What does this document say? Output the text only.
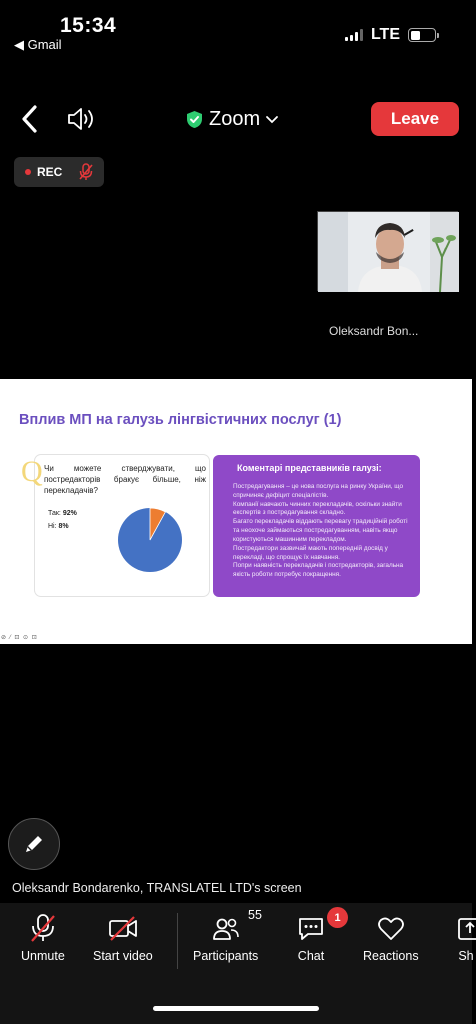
15:34
◀ Gmail
LTE
Zoom	Leave
REC
Oleksandr Bon...
Вплив МП на галузь лінгвістичних послуг (1)
Q Чи можете стверджувати, що постредакторів бракує більше, ніж перекладачів?
Так: 92%
Ні: 8%
Коментарі представників галузі:
Постредагування – це нова послуга на ринку України, що спричиняє дефіцит спеціалістів.
Компанії навчають чинних перекладачів, оскільки знайти експертів з постредагування складно.
Багато перекладачів віддають перевагу традиційній роботі та неохоче займаються постредагуванням, навіть якщо користуються машинним перекладом.
Постредактори зазвичай мають попередній досвід у перекладі, що спрощує їх навчання.
Попри наявність перекладачів і постредакторів, загальна якість роботи потребує покращення.
⊘ ⁄ ⊡ ⊙ ⊡
Oleksandr Bondarenko, TRANSLATEL LTD's screen
Unmute Start video	Participants	Chat	Reactions	Sh
55	1
